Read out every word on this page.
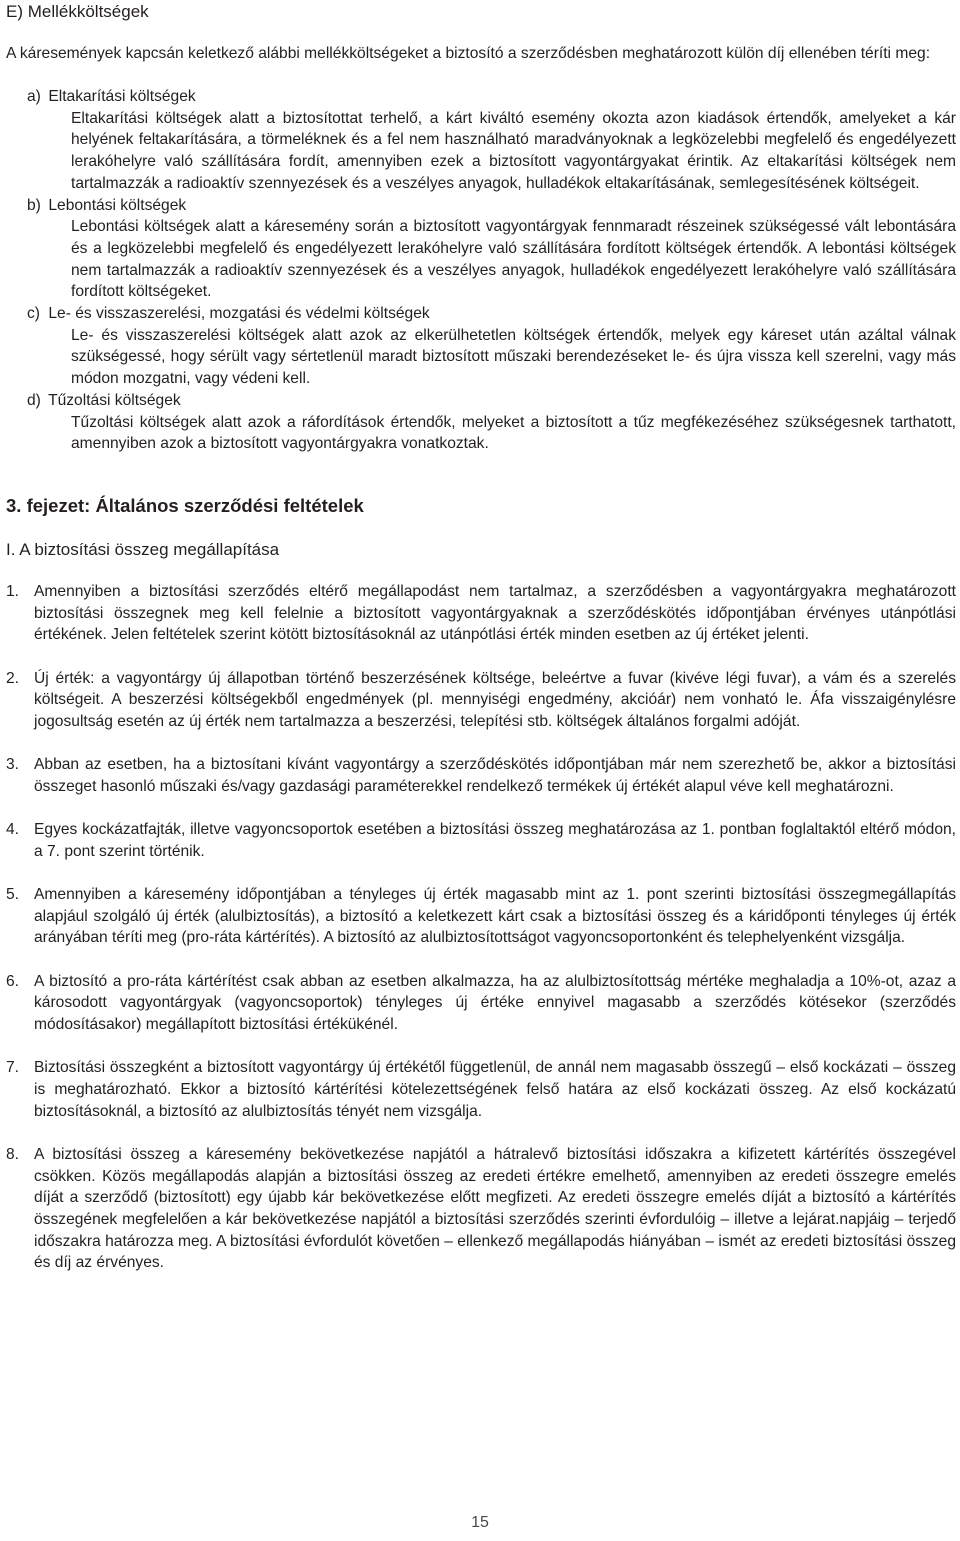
E) Mellékköltségek
A káresemények kapcsán keletkező alábbi mellékköltségeket a biztosító a szerződésben meghatározott külön díj ellenében téríti meg:

a) Eltakarítási költségek

Eltakarítási költségek alatt a biztosítottat terhelő, a kárt kiváltó esemény okozta azon kiadások értendők, amelyeket a kár helyének feltakarítására, a törmeléknek és a fel nem használható maradványoknak a legközelebbi megfelelő és engedélyezett lerakóhelyre való szállítására fordít, amennyiben ezek a biztosított vagyontárgyakat érintik. Az eltakarítási költségek nem tartalmazzák a radioaktív szennyezések és a veszélyes anyagok, hulladékok eltakarításának, semlegesítésének költségeit.

b) Lebontási költségek

Lebontási költségek alatt a káresemény során a biztosított vagyontárgyak fennmaradt részeinek szükségessé vált lebontására és a legközelebbi megfelelő és engedélyezett lerakóhelyre való szállítására fordított költségek értendők. A lebontási költségek nem tartalmazzák a radioaktív szennyezések és a veszélyes anyagok, hulladékok engedélyezett lerakóhelyre való szállítására fordított költségeket.

c) Le- és visszaszerelési, mozgatási és védelmi költségek

Le- és visszaszerelési költségek alatt azok az elkerülhetetlen költségek értendők, melyek egy káreset után azáltal válnak szükségessé, hogy sérült vagy sértetlenül maradt biztosított műszaki berendezéseket le- és újra vissza kell szerelni, vagy más módon mozgatni, vagy védeni kell.

d) Tűzoltási költségek

Tűzoltási költségek alatt azok a ráfordítások értendők, melyeket a biztosított a tűz megfékezéséhez szükségesnek tarthatott, amennyiben azok a biztosított vagyontárgyakra vonatkoztak.

3. fejezet: Általános szerződési feltételek
I. A biztosítási összeg megállapítása
1. Amennyiben a biztosítási szerződés eltérő megállapodást nem tartalmaz, a szerződésben a vagyontárgyakra meghatározott biztosítási összegnek meg kell felelnie a biztosított vagyontárgyaknak a szerződéskötés időpontjában érvényes utánpótlási értékének. Jelen feltételek szerint kötött biztosításoknál az utánpótlási érték minden esetben az új értéket jelenti.
2. Új érték: a vagyontárgy új állapotban történő beszerzésének költsége, beleértve a fuvar (kivéve légi fuvar), a vám és a szerelés költségeit. A beszerzési költségekből engedmények (pl. mennyiségi engedmény, akcióár) nem vonható le. Áfa visszaigénylésre jogosultság esetén az új érték nem tartalmazza a beszerzési, telepítési stb. költségek általános forgalmi adóját.
3. Abban az esetben, ha a biztosítani kívánt vagyontárgy a szerződéskötés időpontjában már nem szerezhető be, akkor a biztosítási összeget hasonló műszaki és/vagy gazdasági paraméterekkel rendelkező termékek új értékét alapul véve kell meghatározni.
4. Egyes kockázatfajták, illetve vagyoncsoportok esetében a biztosítási összeg meghatározása az 1. pontban foglaltaktól eltérő módon, a 7. pont szerint történik.
5. Amennyiben a káresemény időpontjában a tényleges új érték magasabb mint az 1. pont szerinti biztosítási összegmegállapítás alapjául szolgáló új érték (alulbiztosítás), a biztosító a keletkezett kárt csak a biztosítási összeg és a káridőponti tényleges új érték arányában téríti meg (pro-ráta kártérítés). A biztosító az alulbiztosítottságot vagyoncsoportonként és telephelyenként vizsgálja.
6. A biztosító a pro-ráta kártérítést csak abban az esetben alkalmazza, ha az alulbiztosítottság mértéke meghaladja a 10%-ot, azaz a károsodott vagyontárgyak (vagyoncsoportok) tényleges új értéke ennyivel magasabb a szerződés kötésekor (szerződés módosításakor) megállapított biztosítási értékükénél.
7. Biztosítási összegként a biztosított vagyontárgy új értékétől függetlenül, de annál nem magasabb összegű – első kockázati – összeg is meghatározható. Ekkor a biztosító kártérítési kötelezettségének felső határa az első kockázati összeg. Az első kockázatú biztosításoknál, a biztosító az alulbiztosítás tényét nem vizsgálja.
8. A biztosítási összeg a káresemény bekövetkezése napjától a hátralevő biztosítási időszakra a kifizetett kártérítés összegével csökken. Közös megállapodás alapján a biztosítási összeg az eredeti értékre emelhető, amennyiben az eredeti összegre emelés díját a szerződő (biztosított) egy újabb kár bekövetkezése előtt megfizeti. Az eredeti összegre emelés díját a biztosító a kártérítés összegének megfelelően a kár bekövetkezése napjától a biztosítási szerződés szerinti évfordulóig – illetve a lejárat.napjáig – terjedő időszakra határozza meg. A biztosítási évfordulót követően – ellenkező megállapodás hiányában – ismét az eredeti biztosítási összeg és díj az érvényes.
15
